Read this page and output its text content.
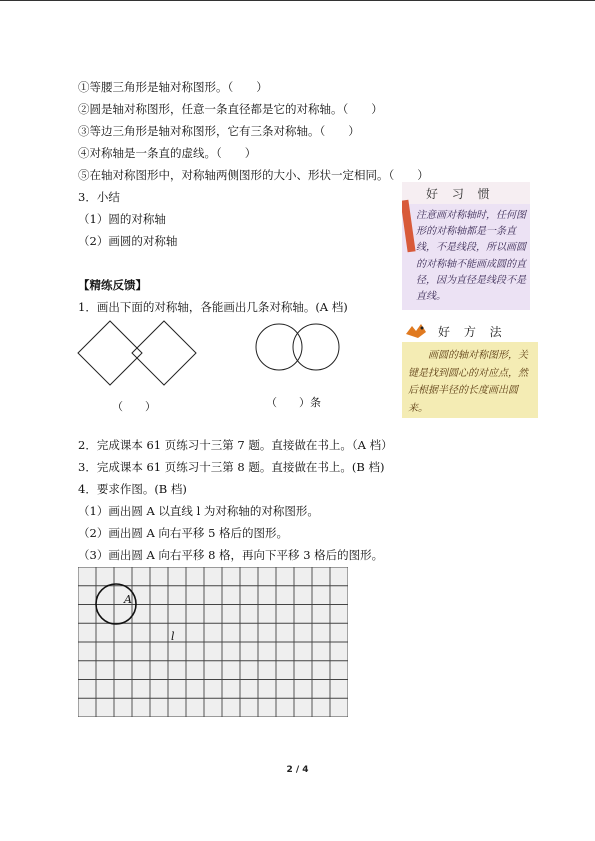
①等腰三角形是轴对称图形。（　　）
②圆是轴对称图形，任意一条直径都是它的对称轴。（　　）
③等边三角形是轴对称图形，它有三条对称轴。（　　）
④对称轴是一条直的虚线。（　　）
⑤在轴对称图形中，对称轴两侧图形的大小、形状一定相同。（　　）
3．小结
（1）圆的对称轴
（2）画圆的对称轴
【精练反馈】
1．画出下面的对称轴，各能画出几条对称轴。(A 档)
（　　）	（　　）条
好 习 惯
注意画对称轴时，任何图形的对称轴都是一条直线，不是线段，所以画圆的对称轴不能画成圆的直径，因为直径是线段不是直线。
好 方 法
画圆的轴对称图形，关键是找到圆心的对应点，然后根据半径的长度画出圆来。
2．完成课本 61 页练习十三第 7 题。直接做在书上。（A 档）
3．完成课本 61 页练习十三第 8 题。直接做在书上。(B 档)
4．要求作图。(B 档)
（1）画出圆 A 以直线 l 为对称轴的对称图形。
（2）画出圆 A 向右平移 5 格后的图形。
（3）画出圆 A 向右平移 8 格，再向下平移 3 格后的图形。
A
l
2 / 4
